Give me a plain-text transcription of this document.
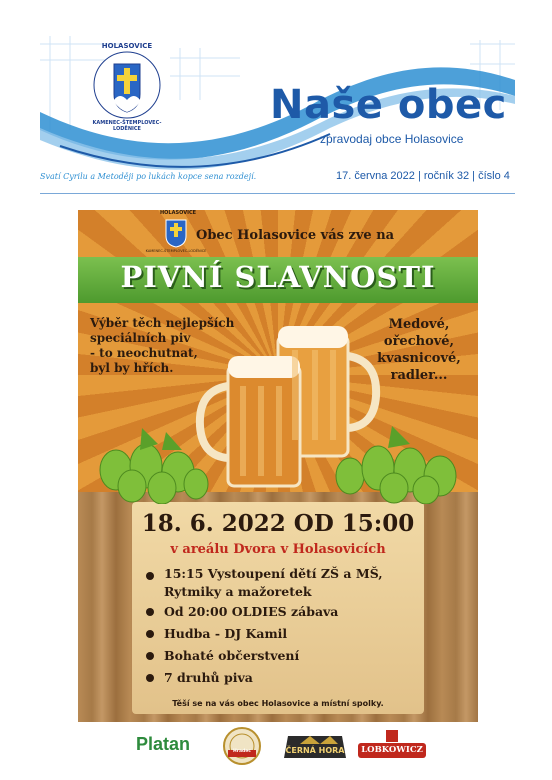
HOLASOVICE
KAMENEC-ŠTEMPLOVEC-LODĚNICE
Naše obec
zpravodaj obce Holasovice
Svatí Cyrilu a Metoději po lukách kopce sena rozdejí.	17. června 2022 | ročník 32 | číslo 4
HOLASOVICE
KAMENEC-ŠTEMPLOVEC-LODĚNICE
Obec Holasovice vás zve na
PIVNÍ SLAVNOSTI
Výběr těch nejlepších
speciálních piv
- to neochutnat,
byl by hřích.
Medové,
ořechové,
kvasnicové,
radler...
18. 6. 2022 OD 15:00
v areálu Dvora v Holasovicích
15:15 Vystoupení dětí ZŠ a MŠ,
Rytmiky a mažoretek
Od 20:00 OLDIES zábava
Hudba - DJ Kamil
Bohaté občerstvení
7 druhů piva
Těší se na vás obec Holasovice a místní spolky.
Platan	Hradec	ČERNÁ HORA	LOBKOWICZ
